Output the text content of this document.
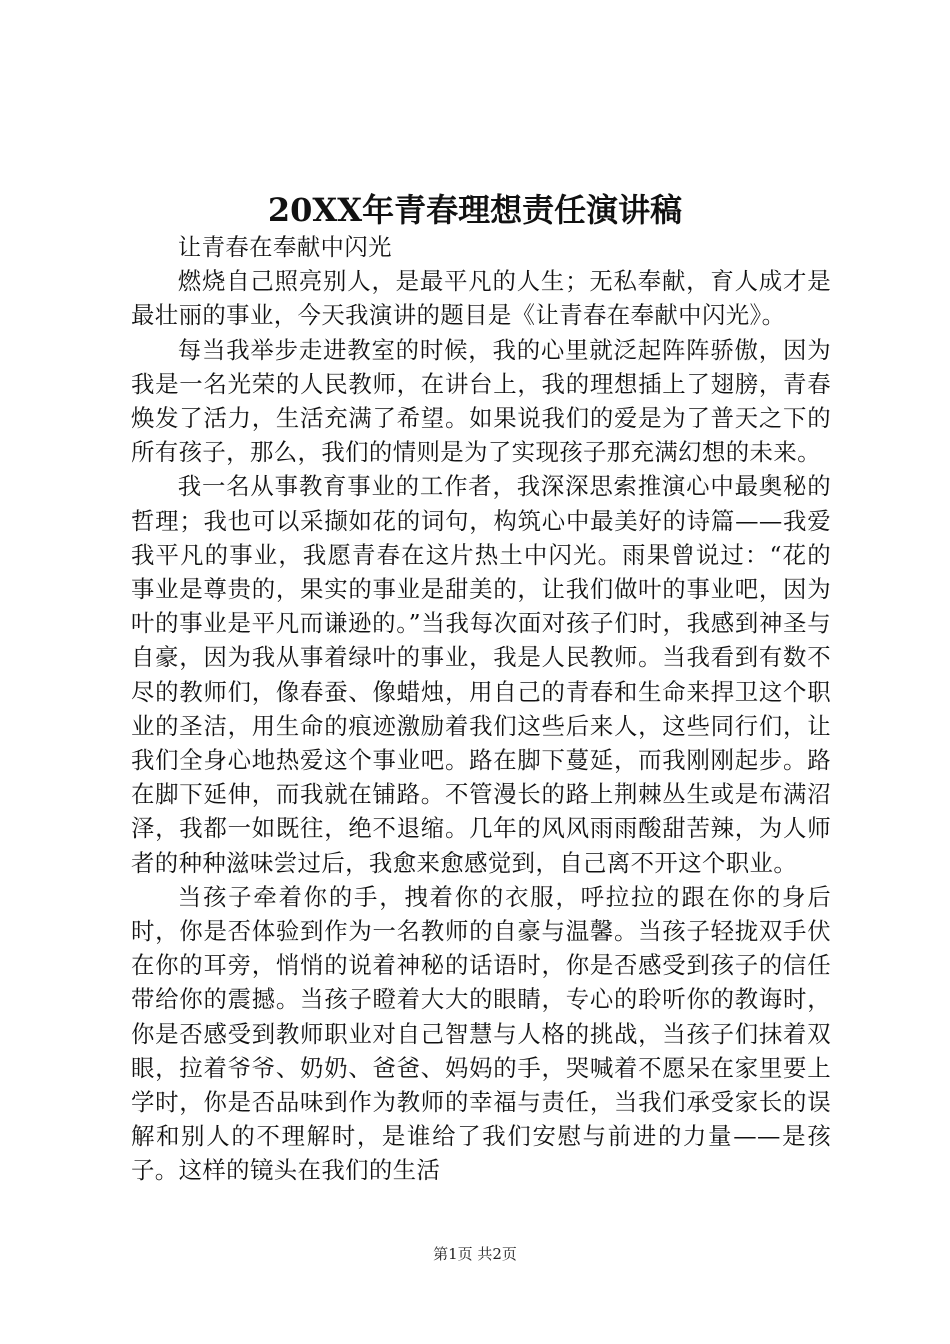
20XX年青春理想责任演讲稿

让青春在奉献中闪光

燃烧自己照亮别人，是最平凡的人生；无私奉献，育人成才是最壮丽的事业，今天我演讲的题目是《让青春在奉献中闪光》。

每当我举步走进教室的时候，我的心里就泛起阵阵骄傲，因为我是一名光荣的人民教师，在讲台上，我的理想插上了翅膀，青春焕发了活力，生活充满了希望。如果说我们的爱是为了普天之下的所有孩子，那么，我们的情则是为了实现孩子那充满幻想的未来。

我一名从事教育事业的工作者，我深深思索推演心中最奥秘的哲理；我也可以采撷如花的词句，构筑心中最美好的诗篇——我爱我平凡的事业，我愿青春在这片热土中闪光。雨果曾说过：“花的事业是尊贵的，果实的事业是甜美的，让我们做叶的事业吧，因为叶的事业是平凡而谦逊的。”当我每次面对孩子们时，我感到神圣与自豪，因为我从事着绿叶的事业，我是人民教师。当我看到有数不尽的教师们，像春蚕、像蜡烛，用自己的青春和生命来捍卫这个职业的圣洁，用生命的痕迹激励着我们这些后来人，这些同行们，让我们全身心地热爱这个事业吧。路在脚下蔓延，而我刚刚起步。路在脚下延伸，而我就在铺路。不管漫长的路上荆棘丛生或是布满沼泽，我都一如既往，绝不退缩。几年的风风雨雨酸甜苦辣，为人师者的种种滋味尝过后，我愈来愈感觉到，自己离不开这个职业。

当孩子牵着你的手，拽着你的衣服，呼拉拉的跟在你的身后时，你是否体验到作为一名教师的自豪与温馨。当孩子轻拢双手伏在你的耳旁，悄悄的说着神秘的话语时，你是否感受到孩子的信任带给你的震撼。当孩子瞪着大大的眼睛，专心的聆听你的教诲时，你是否感受到教师职业对自己智慧与人格的挑战，当孩子们抹着双眼，拉着爷爷、奶奶、爸爸、妈妈的手，哭喊着不愿呆在家里要上学时，你是否品味到作为教师的幸福与责任，当我们承受家长的误解和别人的不理解时，是谁给了我们安慰与前进的力量——是孩子。这样的镜头在我们的生活

第1页 共2页
